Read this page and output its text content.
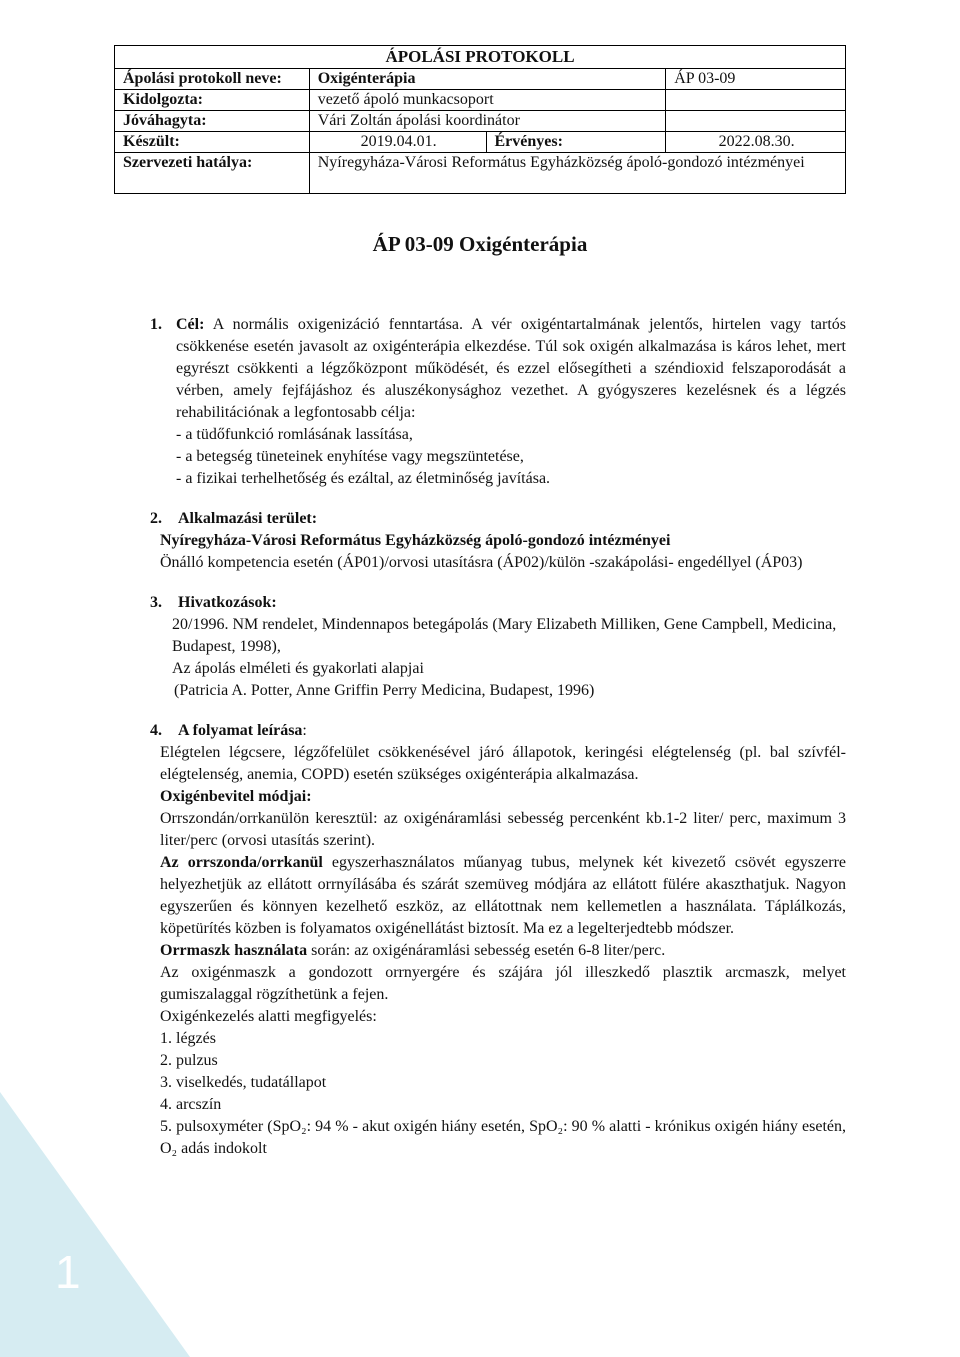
1
ÁPOLÁSI PROTOKOLL			
Ápolási protokoll neve:	Oxigénterápia		ÁP 03-09
Kidolgozta:	vezető ápoló munkacsoport		
Jóváhagyta:	Vári Zoltán ápolási koordinátor		
Készült:	2019.04.01.	Érvényes:	2022.08.30.
Szervezeti hatálya:	Nyíregyháza-Városi Református Egyházközség ápoló-gondozó intézményei		
ÁP 03-09 Oxigénterápia
1. Cél: A normális oxigenizáció fenntartása. A vér oxigéntartalmának jelentős, hirtelen vagy tartós csökkenése esetén javasolt az oxigénterápia elkezdése. Túl sok oxigén alkalmazása is káros lehet, mert egyrészt csökkenti a légzőközpont működését, és ezzel elősegítheti a széndioxid felszaporodását a vérben, amely fejfájáshoz és aluszékonysághoz vezethet. A gyógyszeres kezelésnek és a légzés rehabilitációnak a legfontosabb célja:

- a tüdőfunkció romlásának lassítása,

- a betegség tüneteinek enyhítése vagy megszüntetése,

- a fizikai terhelhetőség és ezáltal, az életminőség javítása.

2.	Alkalmazási terület:

Nyíregyháza-Városi Református Egyházközség ápoló-gondozó intézményei

Önálló kompetencia esetén (ÁP01)/orvosi utasításra (ÁP02)/külön -szakápolási- engedéllyel (ÁP03)

3.	Hivatkozások:

20/1996. NM rendelet, Mindennapos betegápolás (Mary Elizabeth Milliken, Gene Campbell, Medicina, Budapest, 1998),

Az ápolás elméleti és gyakorlati alapjai

(Patricia A. Potter, Anne Griffin Perry Medicina, Budapest, 1996)

4.	A folyamat leírása:

Elégtelen légcsere, légzőfelület csökkenésével járó állapotok, keringési elégtelenség (pl. bal szívfél-elégtelenség, anemia, COPD) esetén szükséges oxigénterápia alkalmazása.

Oxigénbevitel módjai:

Orrszondán/orrkanülön keresztül: az oxigénáramlási sebesség percenként kb.1-2 liter/ perc, maximum 3 liter/perc (orvosi utasítás szerint).

Az orrszonda/orrkanül egyszerhasználatos műanyag tubus, melynek két kivezető csövét egyszerre helyezhetjük az ellátott orrnyílásába és szárát szemüveg módjára az ellátott fülére akaszthatjuk. Nagyon egyszerűen és könnyen kezelhető eszköz, az ellátottnak nem kellemetlen a használata. Táplálkozás, köpetürítés közben is folyamatos oxigénellátást biztosít. Ma ez a legelterjedtebb módszer.

Orrmaszk használata során: az oxigénáramlási sebesség esetén 6-8 liter/perc.

Az oxigénmaszk a gondozott orrnyergére és szájára jól illeszkedő plasztik arcmaszk, melyet gumiszalaggal rögzíthetünk a fejen.

Oxigénkezelés alatti megfigyelés:

1. légzés

2. pulzus

3. viselkedés, tudatállapot

4. arcszín

5. pulsoxyméter (SpO₂: 94 % - akut oxigén hiány esetén, SpO₂: 90 % alatti - krónikus oxigén hiány esetén, O₂ adás indokolt
